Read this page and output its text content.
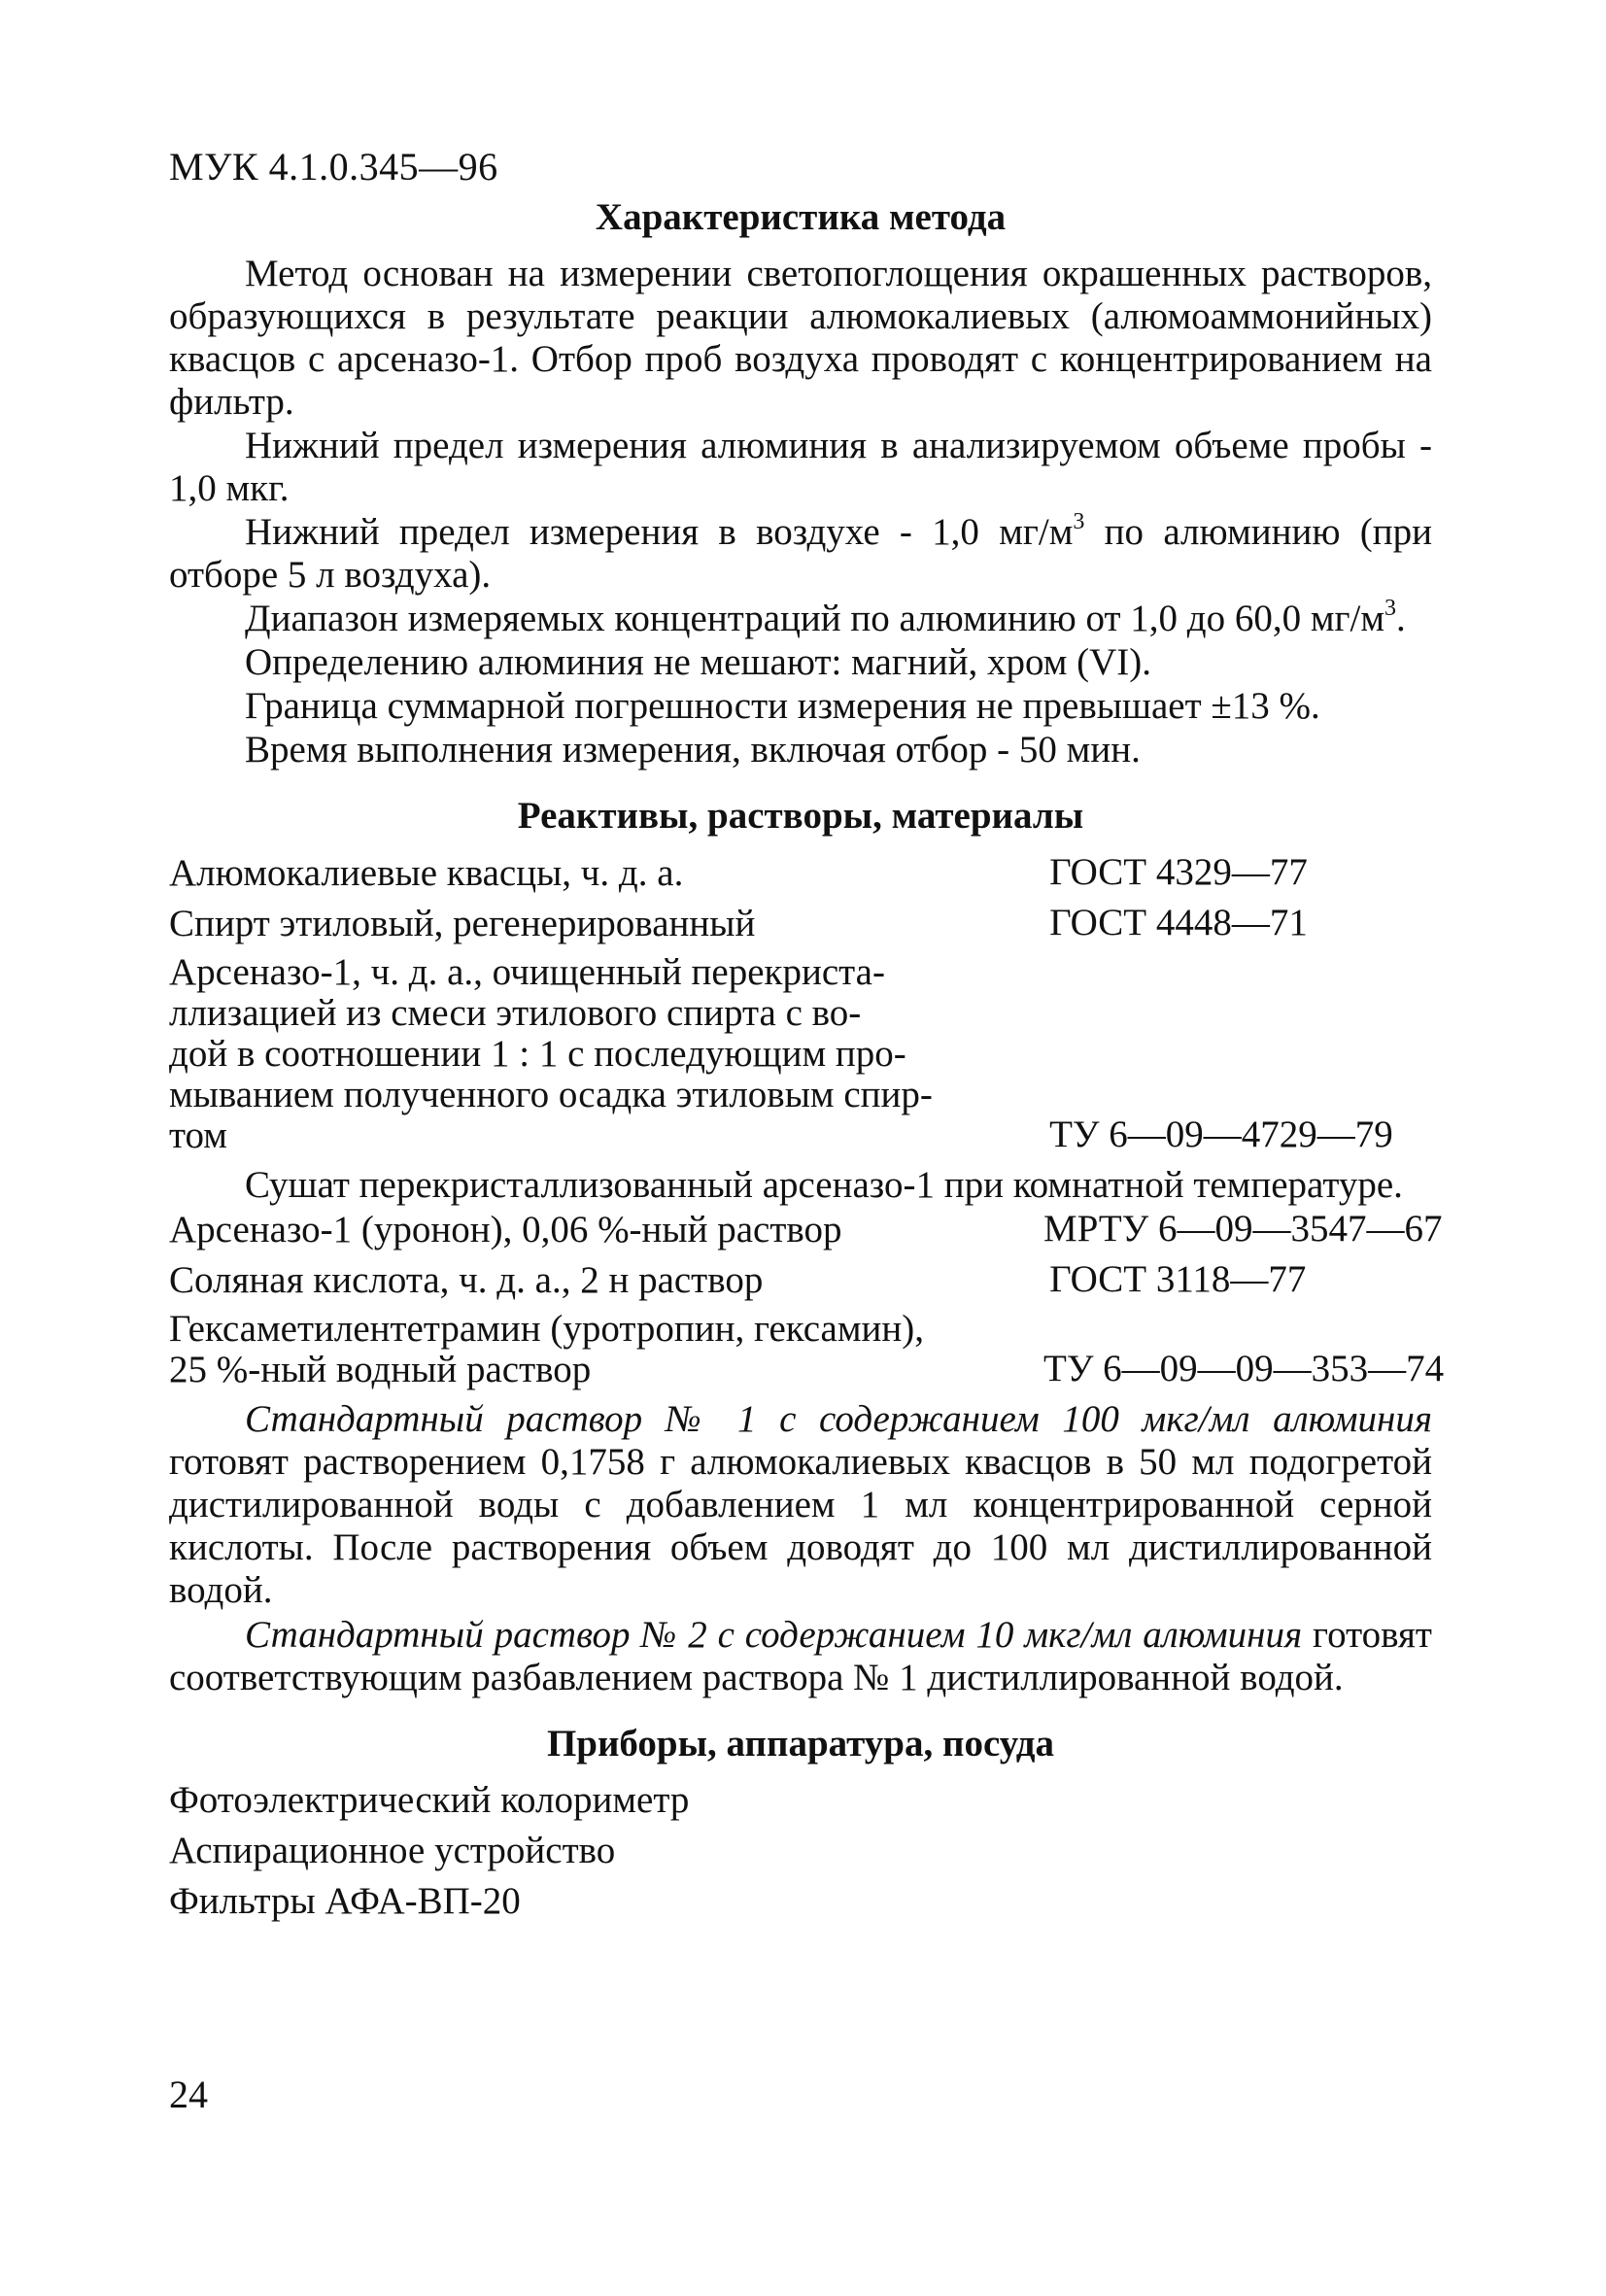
МУК 4.1.0.345—96
Характеристика метода

Метод основан на измерении светопоглощения окрашенных растворов, образующихся в результате реакции алюмокалиевых (алюмоаммонийных) квасцов с арсеназо-1. Отбор проб воздуха проводят с концентрированием на фильтр.

Нижний предел измерения алюминия в анализируемом объеме пробы - 1,0 мкг.

Нижний предел измерения в воздухе - 1,0 $мг/м^3$ по алюминию (при отборе 5 л воздуха).

Диапазон измеряемых концентраций по алюминию от 1,0 до 60,0 $мг/м^3$.

Определению алюминия не мешают: магний, хром (VI).

Граница суммарной погрешности измерения не превышает ±13 %.

Время выполнения измерения, включая отбор - 50 мин.

Реактивы, растворы, материалы
Алюмокалиевые квасцы, ч. д. а.	ГОСТ 4329—77
Спирт этиловый, регенерированный	ГОСТ 4448—71
Арсеназо-1, ч. д. а., очищенный перекриста-
ллизацией из смеси этилового спирта с во-
дой в соотношении 1 : 1 с последующим про-
мыванием полученного осадка этиловым спир-
том	ТУ 6—09—4729—79

Сушат перекристаллизованный арсеназо-1 при комнатной температуре.

Арсеназо-1 (уронон), 0,06 %-ный раствор	МРТУ 6—09—3547—67
Соляная кислота, ч. д. а., 2 н раствор	ГОСТ 3118—77
Гексаметилентетрамин (уротропин, гексамин),
25 %-ный водный раствор	ТУ 6—09—09—353—74

Стандартный раствор № 1 с содержанием 100 мкг/мл алюминия готовят растворением 0,1758 г алюмокалиевых квасцов в 50 мл подогретой дистилированной воды с добавлением 1 мл концентрированной серной кислоты. После растворения объем доводят до 100 мл дистиллированной водой.

Стандартный раствор № 2 с содержанием 10 мкг/мл алюминия готовят соответствующим разбавлением раствора № 1 дистиллированной водой.

Приборы, аппаратура, посуда
Фотоэлектрический колориметр
Аспирационное устройство
Фильтры АФА-ВП-20
24
